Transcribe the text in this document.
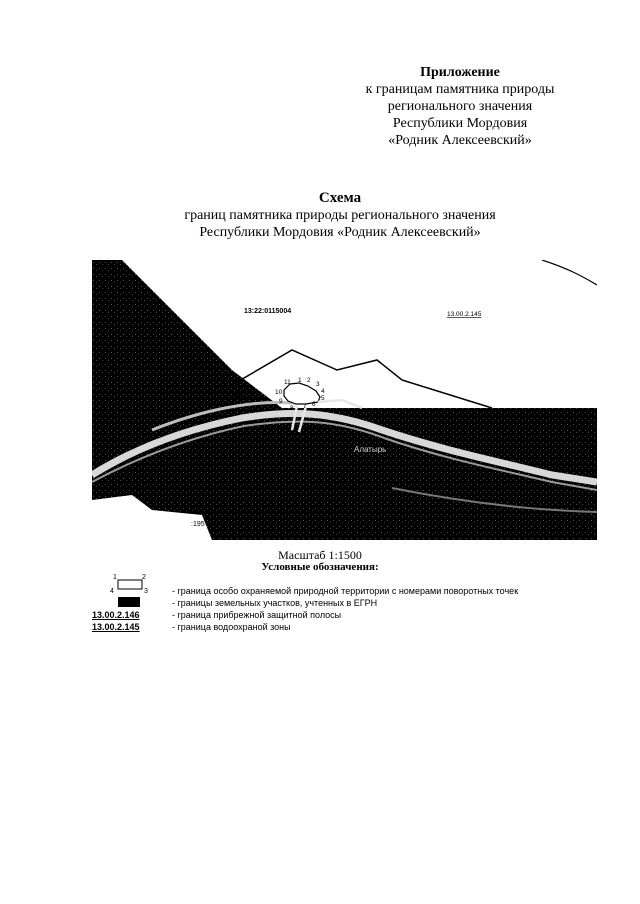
Приложение
к границам памятника природы
регионального значения
Республики Мордовия
«Родник Алексеевский»
Схема
границ памятника природы регионального значения
Республики Мордовия «Родник Алексеевский»
13:22:0115004	13.00.2.145
:223
:195
Алатырь
1 2
3
4
5
6
7
8
9
10
11
Масштаб 1:1500
Условные обозначения:
1	2
4	3	- граница особо охраняемой природной территории с номерами поворотных точек
- границы земельных участков, учтенных в ЕГРН
13.00.2.146	- граница прибрежной защитной полосы
13.00.2.145	- граница водоохраной зоны
